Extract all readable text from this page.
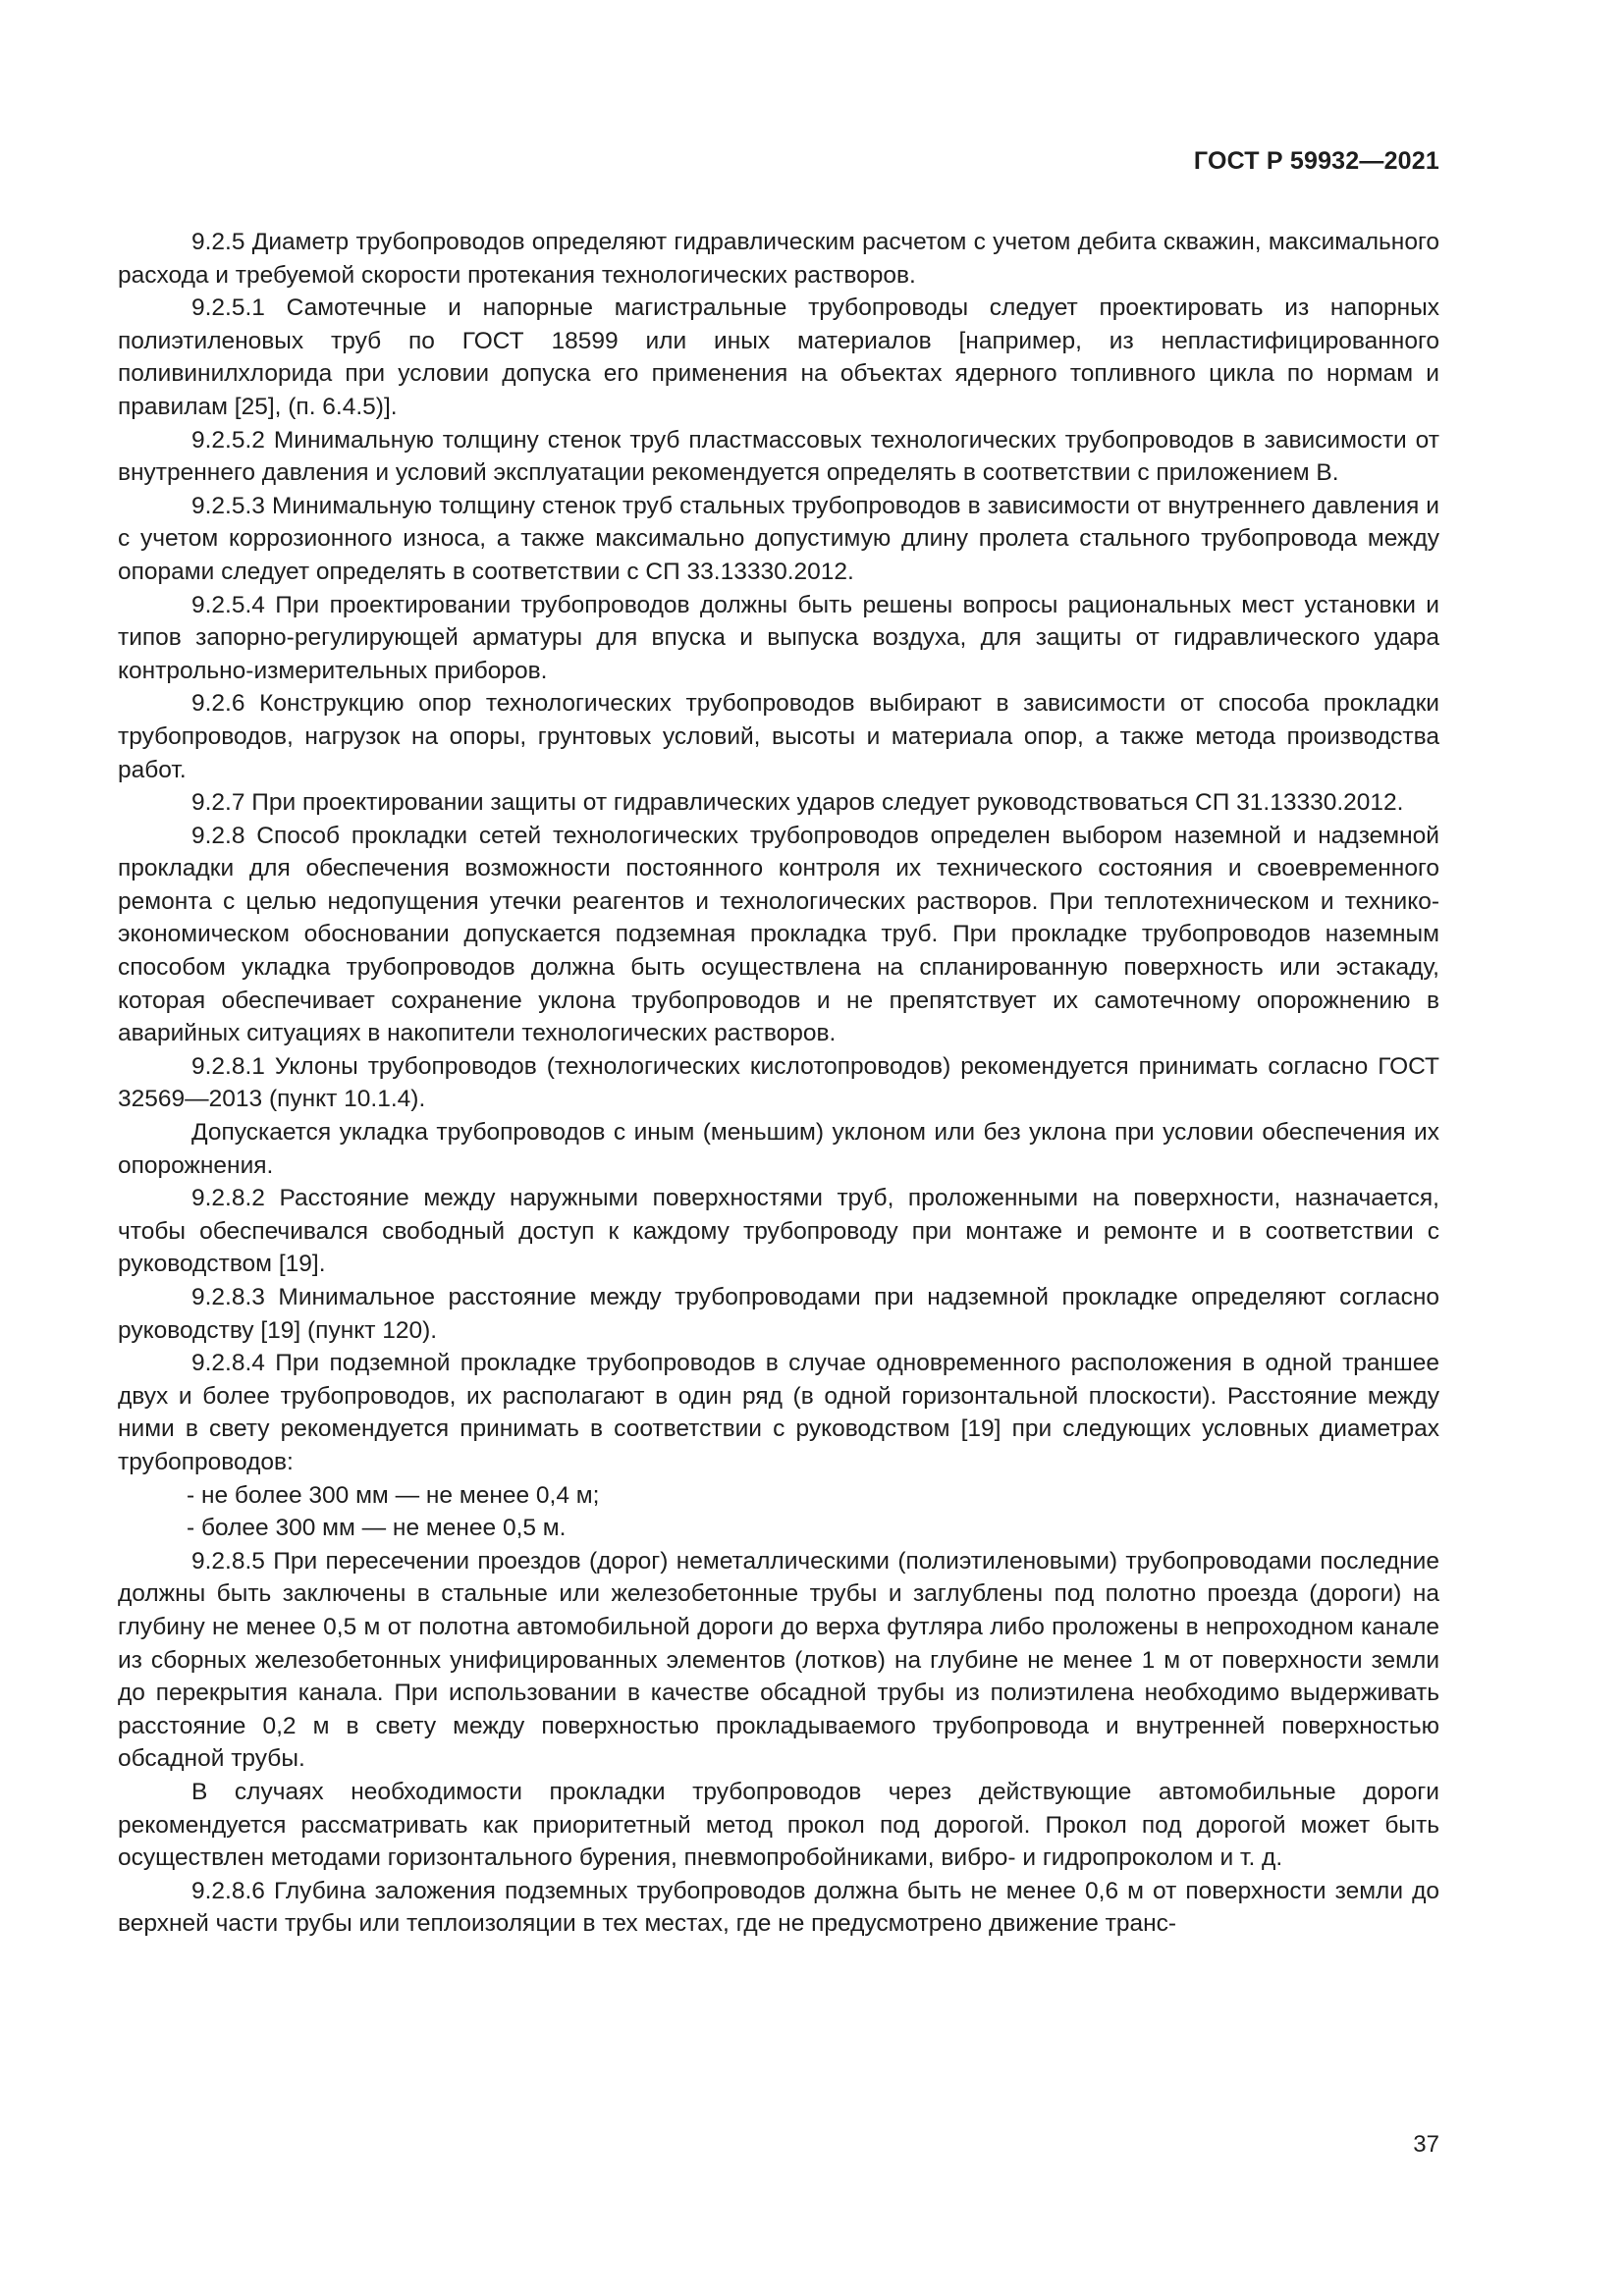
ГОСТ Р 59932—2021

9.2.5 Диаметр трубопроводов определяют гидравлическим расчетом с учетом дебита скважин, максимального расхода и требуемой скорости протекания технологических растворов.

9.2.5.1 Самотечные и напорные магистральные трубопроводы следует проектировать из напорных полиэтиленовых труб по ГОСТ 18599 или иных материалов [например, из непластифицированного поливинилхлорида при условии допуска его применения на объектах ядерного топливного цикла по нормам и правилам [25], (п. 6.4.5)].

9.2.5.2 Минимальную толщину стенок труб пластмассовых технологических трубопроводов в зависимости от внутреннего давления и условий эксплуатации рекомендуется определять в соответствии с приложением В.

9.2.5.3 Минимальную толщину стенок труб стальных трубопроводов в зависимости от внутреннего давления и с учетом коррозионного износа, а также максимально допустимую длину пролета стального трубопровода между опорами следует определять в соответствии с СП 33.13330.2012.

9.2.5.4 При проектировании трубопроводов должны быть решены вопросы рациональных мест установки и типов запорно-регулирующей арматуры для впуска и выпуска воздуха, для защиты от гидравлического удара контрольно-измерительных приборов.

9.2.6 Конструкцию опор технологических трубопроводов выбирают в зависимости от способа прокладки трубопроводов, нагрузок на опоры, грунтовых условий, высоты и материала опор, а также метода производства работ.

9.2.7 При проектировании защиты от гидравлических ударов следует руководствоваться СП 31.13330.2012.

9.2.8 Способ прокладки сетей технологических трубопроводов определен выбором наземной и надземной прокладки для обеспечения возможности постоянного контроля их технического состояния и своевременного ремонта с целью недопущения утечки реагентов и технологических растворов. При теплотехническом и технико-экономическом обосновании допускается подземная прокладка труб. При прокладке трубопроводов наземным способом укладка трубопроводов должна быть осуществлена на спланированную поверхность или эстакаду, которая обеспечивает сохранение уклона трубопроводов и не препятствует их самотечному опорожнению в аварийных ситуациях в накопители технологических растворов.

9.2.8.1 Уклоны трубопроводов (технологических кислотопроводов) рекомендуется принимать согласно ГОСТ 32569—2013 (пункт 10.1.4).

Допускается укладка трубопроводов с иным (меньшим) уклоном или без уклона при условии обеспечения их опорожнения.

9.2.8.2 Расстояние между наружными поверхностями труб, проложенными на поверхности, назначается, чтобы обеспечивался свободный доступ к каждому трубопроводу при монтаже и ремонте и в соответствии с руководством [19].

9.2.8.3 Минимальное расстояние между трубопроводами при надземной прокладке определяют согласно руководству [19] (пункт 120).

9.2.8.4 При подземной прокладке трубопроводов в случае одновременного расположения в одной траншее двух и более трубопроводов, их располагают в один ряд (в одной горизонтальной плоскости). Расстояние между ними в свету рекомендуется принимать в соответствии с руководством [19] при следующих условных диаметрах трубопроводов:

- не более 300 мм — не менее 0,4 м;

- более 300 мм — не менее 0,5 м.

9.2.8.5 При пересечении проездов (дорог) неметаллическими (полиэтиленовыми) трубопроводами последние должны быть заключены в стальные или железобетонные трубы и заглублены под полотно проезда (дороги) на глубину не менее 0,5 м от полотна автомобильной дороги до верха футляра либо проложены в непроходном канале из сборных железобетонных унифицированных элементов (лотков) на глубине не менее 1 м от поверхности земли до перекрытия канала. При использовании в качестве обсадной трубы из полиэтилена необходимо выдерживать расстояние 0,2 м в свету между поверхностью прокладываемого трубопровода и внутренней поверхностью обсадной трубы.

В случаях необходимости прокладки трубопроводов через действующие автомобильные дороги рекомендуется рассматривать как приоритетный метод прокол под дорогой. Прокол под дорогой может быть осуществлен методами горизонтального бурения, пневмопробойниками, вибро- и гидропроколом и т. д.

9.2.8.6 Глубина заложения подземных трубопроводов должна быть не менее 0,6 м от поверхности земли до верхней части трубы или теплоизоляции в тех местах, где не предусмотрено движение транс-

37
